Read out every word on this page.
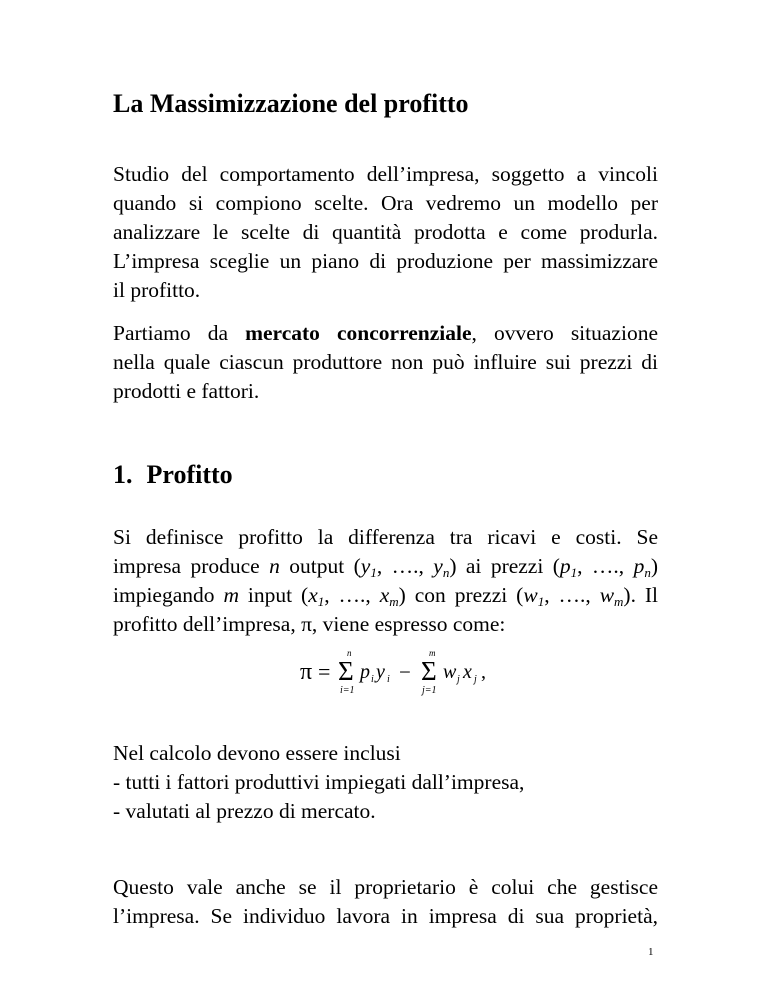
La Massimizzazione del profitto
Studio del comportamento dell’impresa, soggetto a vincoli
quando si compiono scelte. Ora vedremo un modello per
analizzare le scelte di quantità prodotta e come produrla.
L’impresa sceglie un piano di produzione per massimizzare
il profitto.
Partiamo da mercato concorrenziale, ovvero situazione
nella quale ciascun produttore non può influire sui prezzi di
prodotti e fattori.
1. Profitto
Si definisce profitto la differenza tra ricavi e costi. Se
impresa produce n output ($y_1$, …., $y_n$) ai prezzi ($p_1$, …., $p_n$)
impiegando m input ($x_1$, …., $x_m$) con prezzi ($w_1$, …., $w_m$). Il
profitto dell’impresa, π, viene espresso come:
π =
n
Σ
i=1
p i y i −
m
Σ
j=1
w j x j ,
Nel calcolo devono essere inclusi
- tutti i fattori produttivi impiegati dall’impresa,
- valutati al prezzo di mercato.
Questo vale anche se il proprietario è colui che gestisce
l’impresa. Se individuo lavora in impresa di sua proprietà,
1
